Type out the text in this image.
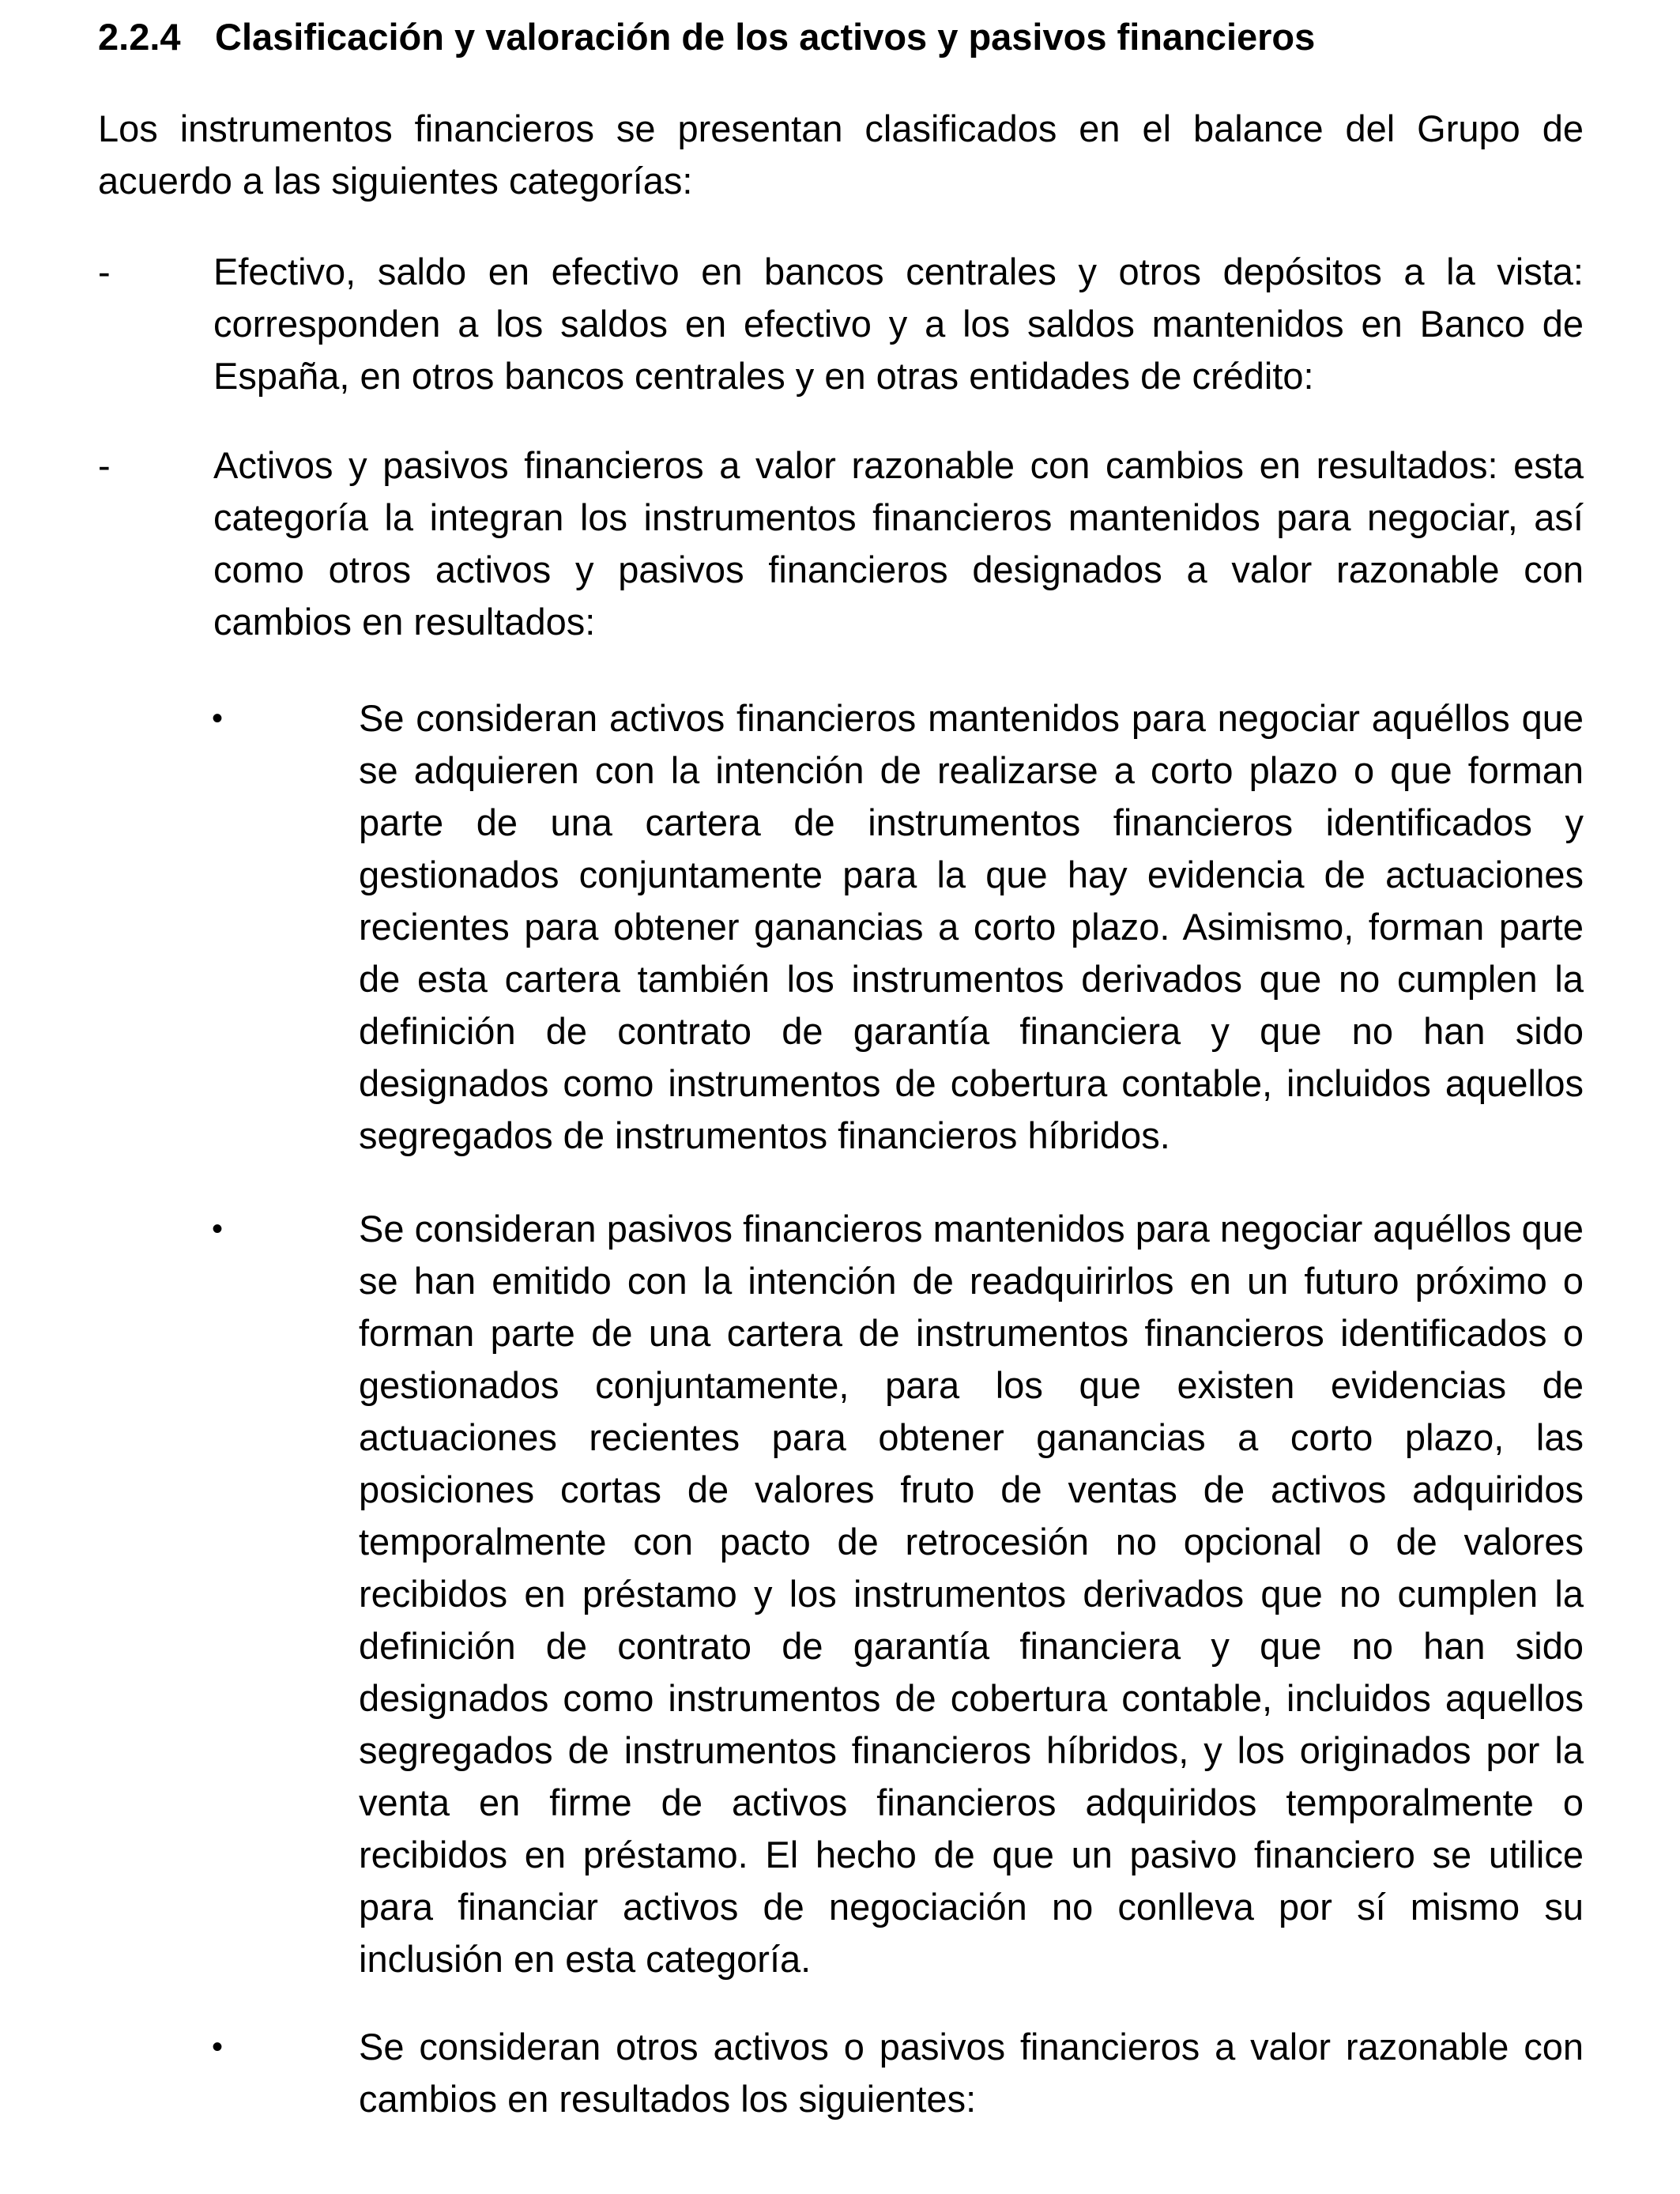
2.2.4 Clasificación y valoración de los activos y pasivos financieros

Los instrumentos financieros se presentan clasificados en el balance del Grupo de acuerdo a las siguientes categorías:

-	Efectivo, saldo en efectivo en bancos centrales y otros depósitos a la vista: corresponden a los saldos en efectivo y a los saldos mantenidos en Banco de España, en otros bancos centrales y en otras entidades de crédito:

-	Activos y pasivos financieros a valor razonable con cambios en resultados: esta categoría la integran los instrumentos financieros mantenidos para negociar, así como otros activos y pasivos financieros designados a valor razonable con cambios en resultados:

•	Se consideran activos financieros mantenidos para negociar aquéllos que se adquieren con la intención de realizarse a corto plazo o que forman parte de una cartera de instrumentos financieros identificados y gestionados conjuntamente para la que hay evidencia de actuaciones recientes para obtener ganancias a corto plazo. Asimismo, forman parte de esta cartera también los instrumentos derivados que no cumplen la definición de contrato de garantía financiera y que no han sido designados como instrumentos de cobertura contable, incluidos aquellos segregados de instrumentos financieros híbridos.

•	Se consideran pasivos financieros mantenidos para negociar aquéllos que se han emitido con la intención de readquirirlos en un futuro próximo o forman parte de una cartera de instrumentos financieros identificados o gestionados conjuntamente, para los que existen evidencias de actuaciones recientes para obtener ganancias a corto plazo, las posiciones cortas de valores fruto de ventas de activos adquiridos temporalmente con pacto de retrocesión no opcional o de valores recibidos en préstamo y los instrumentos derivados que no cumplen la definición de contrato de garantía financiera y que no han sido designados como instrumentos de cobertura contable, incluidos aquellos segregados de instrumentos financieros híbridos, y los originados por la venta en firme de activos financieros adquiridos temporalmente o recibidos en préstamo. El hecho de que un pasivo financiero se utilice para financiar activos de negociación no conlleva por sí mismo su inclusión en esta categoría.

•	Se consideran otros activos o pasivos financieros a valor razonable con cambios en resultados los siguientes:
